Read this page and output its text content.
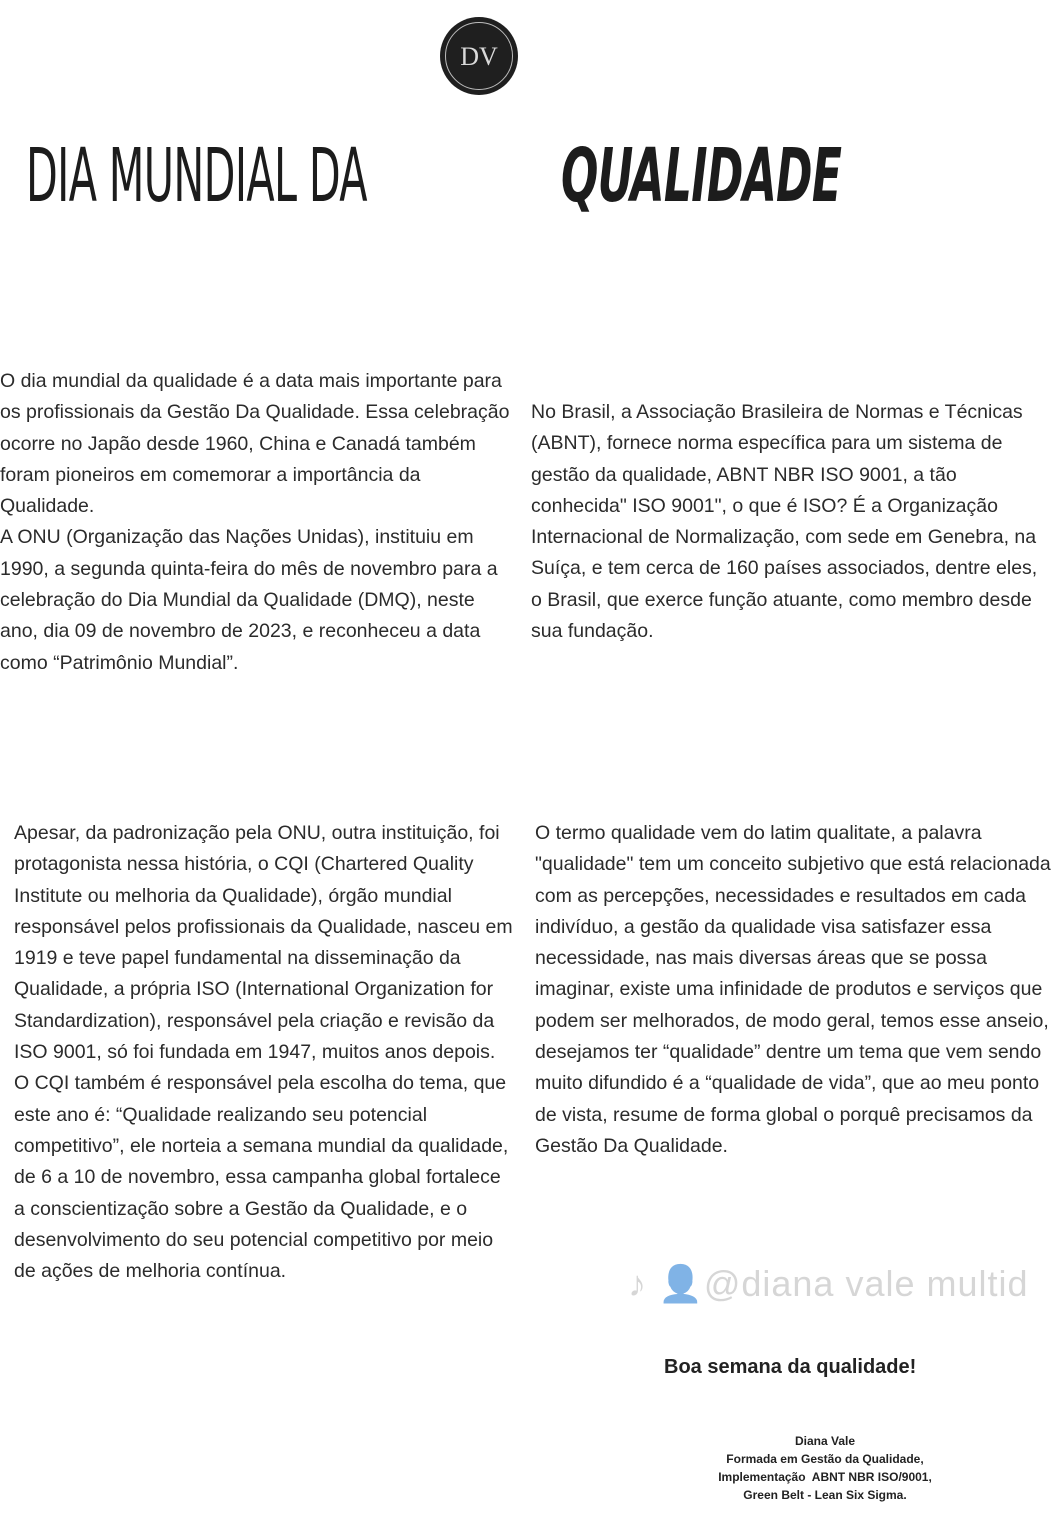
DV
DIA MUNDIAL DA	QUALIDADE

O dia mundial da qualidade é a data mais importante para os profissionais da Gestão Da Qualidade. Essa celebração ocorre no Japão desde 1960, China e Canadá também foram pioneiros em comemorar a importância da Qualidade.

A ONU (Organização das Nações Unidas), instituiu em 1990, a segunda quinta-feira do mês de novembro para a celebração do Dia Mundial da Qualidade (DMQ), neste ano, dia 09 de novembro de 2023, e reconheceu a data como “Patrimônio Mundial”.

No Brasil, a Associação Brasileira de Normas e Técnicas (ABNT), fornece norma específica para um sistema de gestão da qualidade, ABNT NBR ISO 9001, a tão conhecida" ISO 9001", o que é ISO? É a Organização Internacional de Normalização, com sede em Genebra, na Suíça, e tem cerca de 160 países associados, dentre eles, o Brasil, que exerce função atuante, como membro desde sua fundação.

Apesar, da padronização pela ONU, outra instituição, foi protagonista nessa história, o CQI (Chartered Quality Institute ou melhoria da Qualidade), órgão mundial responsável pelos profissionais da Qualidade, nasceu em 1919 e teve papel fundamental na disseminação da Qualidade, a própria ISO (International Organization for Standardization), responsável pela criação e revisão da ISO 9001, só foi fundada em 1947, muitos anos depois.

O CQI também é responsável pela escolha do tema, que este ano é: “Qualidade realizando seu potencial competitivo”, ele norteia a semana mundial da qualidade, de 6 a 10 de novembro, essa campanha global fortalece a conscientização sobre a Gestão da Qualidade, e o desenvolvimento do seu potencial competitivo por meio de ações de melhoria contínua.

O termo qualidade vem do latim qualitate, a palavra "qualidade" tem um conceito subjetivo que está relacionada com as percepções, necessidades e resultados em cada indivíduo, a gestão da qualidade visa satisfazer essa necessidade, nas mais diversas áreas que se possa imaginar, existe uma infinidade de produtos e serviços que podem ser melhorados, de modo geral, temos esse anseio, desejamos ter “qualidade” dentre um tema que vem sendo muito difundido é a “qualidade de vida”, que ao meu ponto de vista, resume de forma global o porquê precisamos da Gestão Da Qualidade.

♪ 👤@diana vale multid

Boa semana da qualidade!

Diana Vale
Formada em Gestão da Qualidade,
Implementação  ABNT NBR ISO/9001,
Green Belt - Lean Six Sigma.
